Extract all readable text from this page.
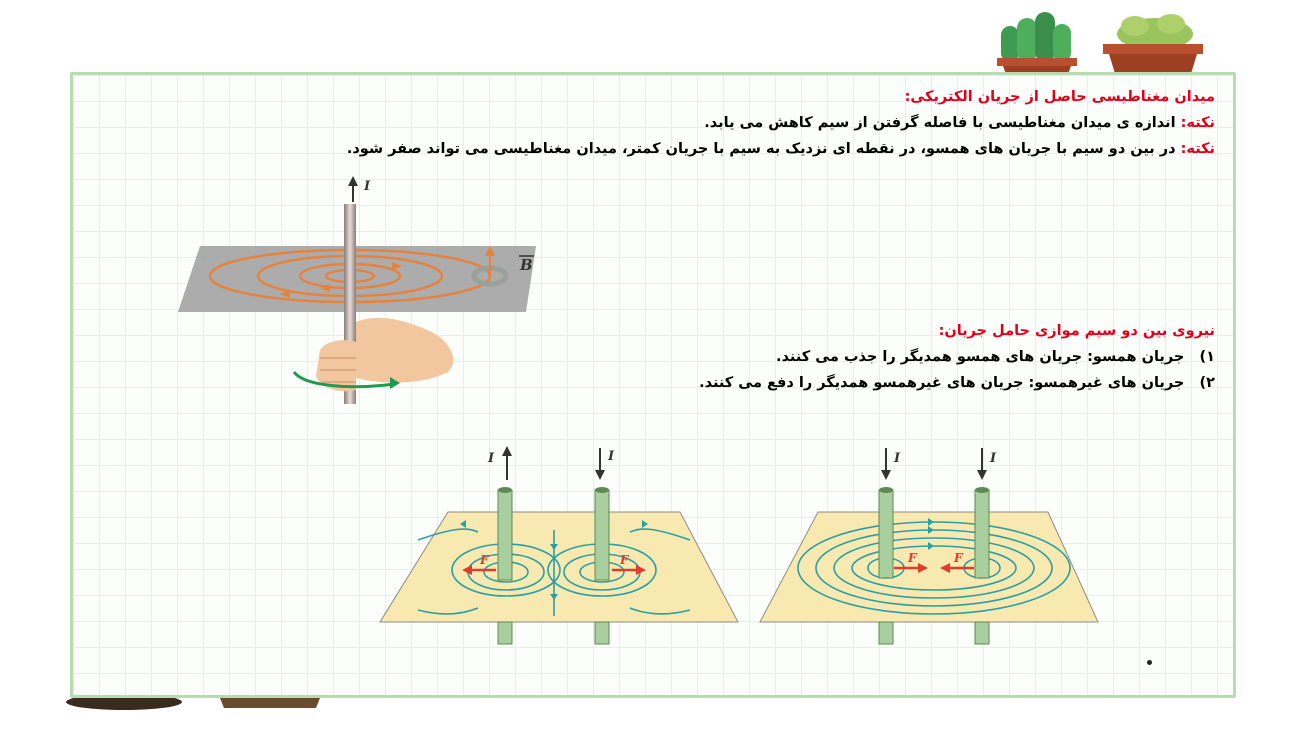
میدان مغناطیسی حاصل از جریان الکتریکی:
نکته: اندازه ی میدان مغناطیسی با فاصله گرفتن از سیم کاهش می یابد.
نکته: در بین دو سیم با جریان های همسو، در نقطه ای نزدیک به سیم با جریان کمتر، میدان مغناطیسی می تواند صفر شود.
نیروی بین دو سیم موازی حامل جریان:
۱)   جریان همسو: جریان های همسو همدیگر را جذب می کنند.
۲)   جریان های غیرهمسو: جریان های غیرهمسو همدیگر را دفع می کنند.
B
I
F	F
I	I
F	F
I	I
